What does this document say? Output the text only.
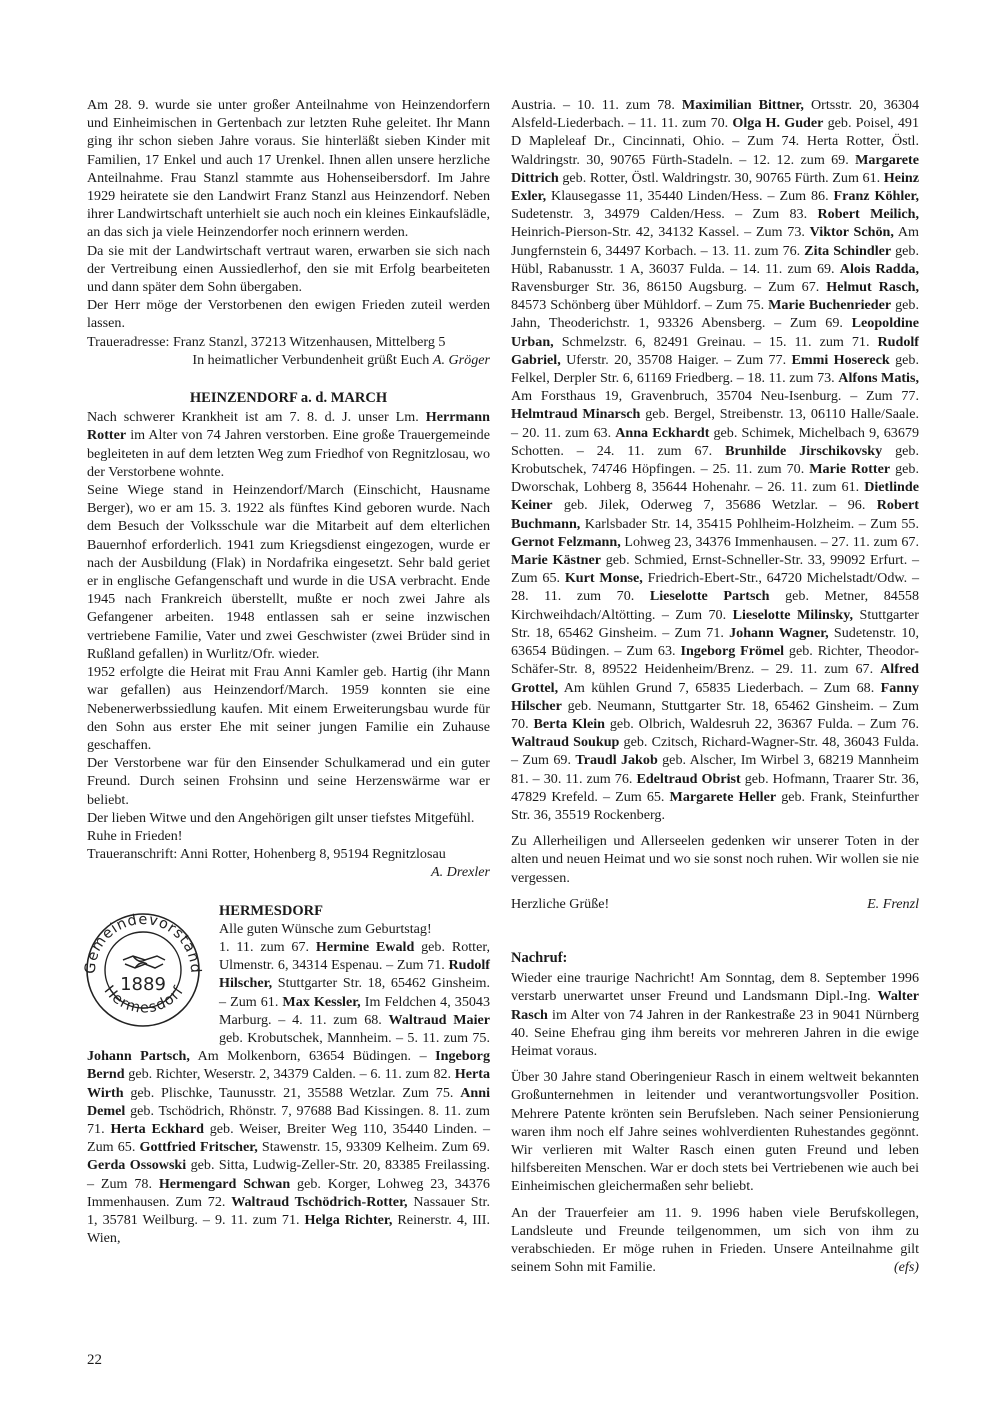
Am 28. 9. wurde sie unter großer Anteilnahme von Heinzendorfern und Einheimischen in Gertenbach zur letzten Ruhe geleitet. Ihr Mann ging ihr schon sieben Jahre voraus. Sie hinterläßt sieben Kinder mit Familien, 17 Enkel und auch 17 Urenkel. Ihnen allen unsere herzliche Anteilnahme. Frau Stanzl stammte aus Hohenseibersdorf. Im Jahre 1929 heiratete sie den Landwirt Franz Stanzl aus Heinzendorf. Neben ihrer Landwirtschaft unterhielt sie auch noch ein kleines Einkaufslädle, an das sich ja viele Heinzendorfer noch erinnern werden.

Da sie mit der Landwirtschaft vertraut waren, erwarben sie sich nach der Vertreibung einen Aussiedlerhof, den sie mit Erfolg bearbeiteten und dann später dem Sohn übergaben.

Der Herr möge der Verstorbenen den ewigen Frieden zuteil werden lassen.

Traueradresse: Franz Stanzl, 37213 Witzenhausen, Mittelberg 5

In heimatlicher Verbundenheit grüßt Euch A. Gröger

HEINZENDORF a. d. MARCH

Nach schwerer Krankheit ist am 7. 8. d. J. unser Lm. Herrmann Rotter im Alter von 74 Jahren verstorben. Eine große Trauergemeinde begleiteten in auf dem letzten Weg zum Friedhof von Regnitzlosau, wo der Verstorbene wohnte.

Seine Wiege stand in Heinzendorf/March (Einschicht, Hausname Berger), wo er am 15. 3. 1922 als fünftes Kind geboren wurde. Nach dem Besuch der Volksschule war die Mitarbeit auf dem elterlichen Bauernhof erforderlich. 1941 zum Kriegsdienst eingezogen, wurde er nach der Ausbildung (Flak) in Nordafrika eingesetzt. Sehr bald geriet er in englische Gefangenschaft und wurde in die USA verbracht. Ende 1945 nach Frankreich überstellt, mußte er noch zwei Jahre als Gefangener arbeiten. 1948 entlassen sah er seine inzwischen vertriebene Familie, Vater und zwei Geschwister (zwei Brüder sind in Rußland gefallen) in Wurlitz/Ofr. wieder.

1952 erfolgte die Heirat mit Frau Anni Kamler geb. Hartig (ihr Mann war gefallen) aus Heinzendorf/March. 1959 konnten sie eine Nebenerwerbssiedlung kaufen. Mit einem Erweiterungsbau wurde für den Sohn aus erster Ehe mit seiner jungen Familie ein Zuhause geschaffen.

Der Verstorbene war für den Einsender Schulkamerad und ein guter Freund. Durch seinen Frohsinn und seine Herzenswärme war er beliebt.

Der lieben Witwe und den Angehörigen gilt unser tiefstes Mitgefühl.

Ruhe in Frieden!

Traueranschrift: Anni Rotter, Hohenberg 8, 95194 Regnitzlosau

A. Drexler

Gemeindevorstand
Hermesdorf
1889
HERMESDORF

Alle guten Wünsche zum Geburtstag!

1. 11. zum 67. Hermine Ewald geb. Rotter, Ulmenstr. 6, 34314 Espenau. – Zum 71. Rudolf Hilscher, Stuttgarter Str. 18, 65462 Ginsheim. – Zum 61. Max Kessler, Im Feldchen 4, 35043 Marburg. – 4. 11. zum 68. Waltraud Maier geb. Krobutschek, Mannheim. – 5. 11. zum 75. Johann Partsch, Am Molkenborn, 63654 Büdingen. – Ingeborg Bernd geb. Richter, Weserstr. 2, 34379 Calden. – 6. 11. zum 82. Herta Wirth geb. Plischke, Taunusstr. 21, 35588 Wetzlar. Zum 75. Anni Demel geb. Tschödrich, Rhönstr. 7, 97688 Bad Kissingen. 8. 11. zum 71. Herta Eckhard geb. Weiser, Breiter Weg 110, 35440 Linden. – Zum 65. Gottfried Fritscher, Stawenstr. 15, 93309 Kelheim. Zum 69. Gerda Ossowski geb. Sitta, Ludwig-Zeller-Str. 20, 83385 Freilassing. – Zum 78. Hermengard Schwan geb. Korger, Lohweg 23, 34376 Immenhausen. Zum 72. Waltraud Tschödrich-Rotter, Nassauer Str. 1, 35781 Weilburg. – 9. 11. zum 71. Helga Richter, Reinerstr. 4, III. Wien,

Austria. – 10. 11. zum 78. Maximilian Bittner, Ortsstr. 20, 36304 Alsfeld-Liederbach. – 11. 11. zum 70. Olga H. Guder geb. Poisel, 491 D Mapleleaf Dr., Cincinnati, Ohio. – Zum 74. Herta Rotter, Östl. Waldringstr. 30, 90765 Fürth-Stadeln. – 12. 12. zum 69. Margarete Dittrich geb. Rotter, Östl. Waldringstr. 30, 90765 Fürth. Zum 61. Heinz Exler, Klausegasse 11, 35440 Linden/Hess. – Zum 86. Franz Köhler, Sudetenstr. 3, 34979 Calden/Hess. – Zum 83. Robert Meilich, Heinrich-Pierson-Str. 42, 34132 Kassel. – Zum 73. Viktor Schön, Am Jungfernstein 6, 34497 Korbach. – 13. 11. zum 76. Zita Schindler geb. Hübl, Rabanusstr. 1 A, 36037 Fulda. – 14. 11. zum 69. Alois Radda, Ravensburger Str. 36, 86150 Augsburg. – Zum 67. Helmut Rasch, 84573 Schönberg über Mühldorf. – Zum 75. Marie Buchenrieder geb. Jahn, Theoderichstr. 1, 93326 Abensberg. – Zum 69. Leopoldine Urban, Schmelzstr. 6, 82491 Greinau. – 15. 11. zum 71. Rudolf Gabriel, Uferstr. 20, 35708 Haiger. – Zum 77. Emmi Hosereck geb. Felkel, Derpler Str. 6, 61169 Friedberg. – 18. 11. zum 73. Alfons Matis, Am Forsthaus 19, Gravenbruch, 35704 Neu-Isenburg. – Zum 77. Helmtraud Minarsch geb. Bergel, Streibenstr. 13, 06110 Halle/Saale. – 20. 11. zum 63. Anna Eckhardt geb. Schimek, Michelbach 9, 63679 Schotten. – 24. 11. zum 67. Brunhilde Jirschikovsky geb. Krobutschek, 74746 Höpfingen. – 25. 11. zum 70. Marie Rotter geb. Dworschak, Lohberg 8, 35644 Hohenahr. – 26. 11. zum 61. Dietlinde Keiner geb. Jilek, Oderweg 7, 35686 Wetzlar. – 96. Robert Buchmann, Karlsbader Str. 14, 35415 Pohlheim-Holzheim. – Zum 55. Gernot Felzmann, Lohweg 23, 34376 Immenhausen. – 27. 11. zum 67. Marie Kästner geb. Schmied, Ernst-Schneller-Str. 33, 99092 Erfurt. – Zum 65. Kurt Monse, Friedrich-Ebert-Str., 64720 Michelstadt/Odw. – 28. 11. zum 70. Lieselotte Partsch geb. Metner, 84558 Kirchweihdach/Altötting. – Zum 70. Lieselotte Milinsky, Stuttgarter Str. 18, 65462 Ginsheim. – Zum 71. Johann Wagner, Sudetenstr. 10, 63654 Büdingen. – Zum 63. Ingeborg Frömel geb. Richter, Theodor-Schäfer-Str. 8, 89522 Heidenheim/Brenz. – 29. 11. zum 67. Alfred Grottel, Am kühlen Grund 7, 65835 Liederbach. – Zum 68. Fanny Hilscher geb. Neumann, Stuttgarter Str. 18, 65462 Ginsheim. – Zum 70. Berta Klein geb. Olbrich, Waldesruh 22, 36367 Fulda. – Zum 76. Waltraud Soukup geb. Czitsch, Richard-Wagner-Str. 48, 36043 Fulda. – Zum 69. Traudl Jakob geb. Alscher, Im Wirbel 3, 68219 Mannheim 81. – 30. 11. zum 76. Edeltraud Obrist geb. Hofmann, Traarer Str. 36, 47829 Krefeld. – Zum 65. Margarete Heller geb. Frank, Steinfurther Str. 36, 35519 Rockenberg.

Zu Allerheiligen und Allerseelen gedenken wir unserer Toten in der alten und neuen Heimat und wo sie sonst noch ruhen. Wir wollen sie nie vergessen.

Herzliche Grüße!	E. Frenzl
Nachruf:

Wieder eine traurige Nachricht! Am Sonntag, dem 8. September 1996 verstarb unerwartet unser Freund und Landsmann Dipl.-Ing. Walter Rasch im Alter von 74 Jahren in der Rankestraße 23 in 9041 Nürnberg 40. Seine Ehefrau ging ihm bereits vor mehreren Jahren in die ewige Heimat voraus.

Über 30 Jahre stand Oberingenieur Rasch in einem weltweit bekannten Großunternehmen in leitender und verantwortungsvoller Position. Mehrere Patente krönten sein Berufsleben. Nach seiner Pensionierung waren ihm noch elf Jahre seines wohlverdienten Ruhestandes gegönnt. Wir verlieren mit Walter Rasch einen guten Freund und leben hilfsbereiten Menschen. War er doch stets bei Vertriebenen wie auch bei Einheimischen gleichermaßen sehr beliebt.

An der Trauerfeier am 11. 9. 1996 haben viele Berufskollegen, Landsleute und Freunde teilgenommen, um sich von ihm zu verabschieden. Er möge ruhen in Frieden. Unsere Anteilnahme gilt seinem Sohn mit Familie.	(efs)

22
